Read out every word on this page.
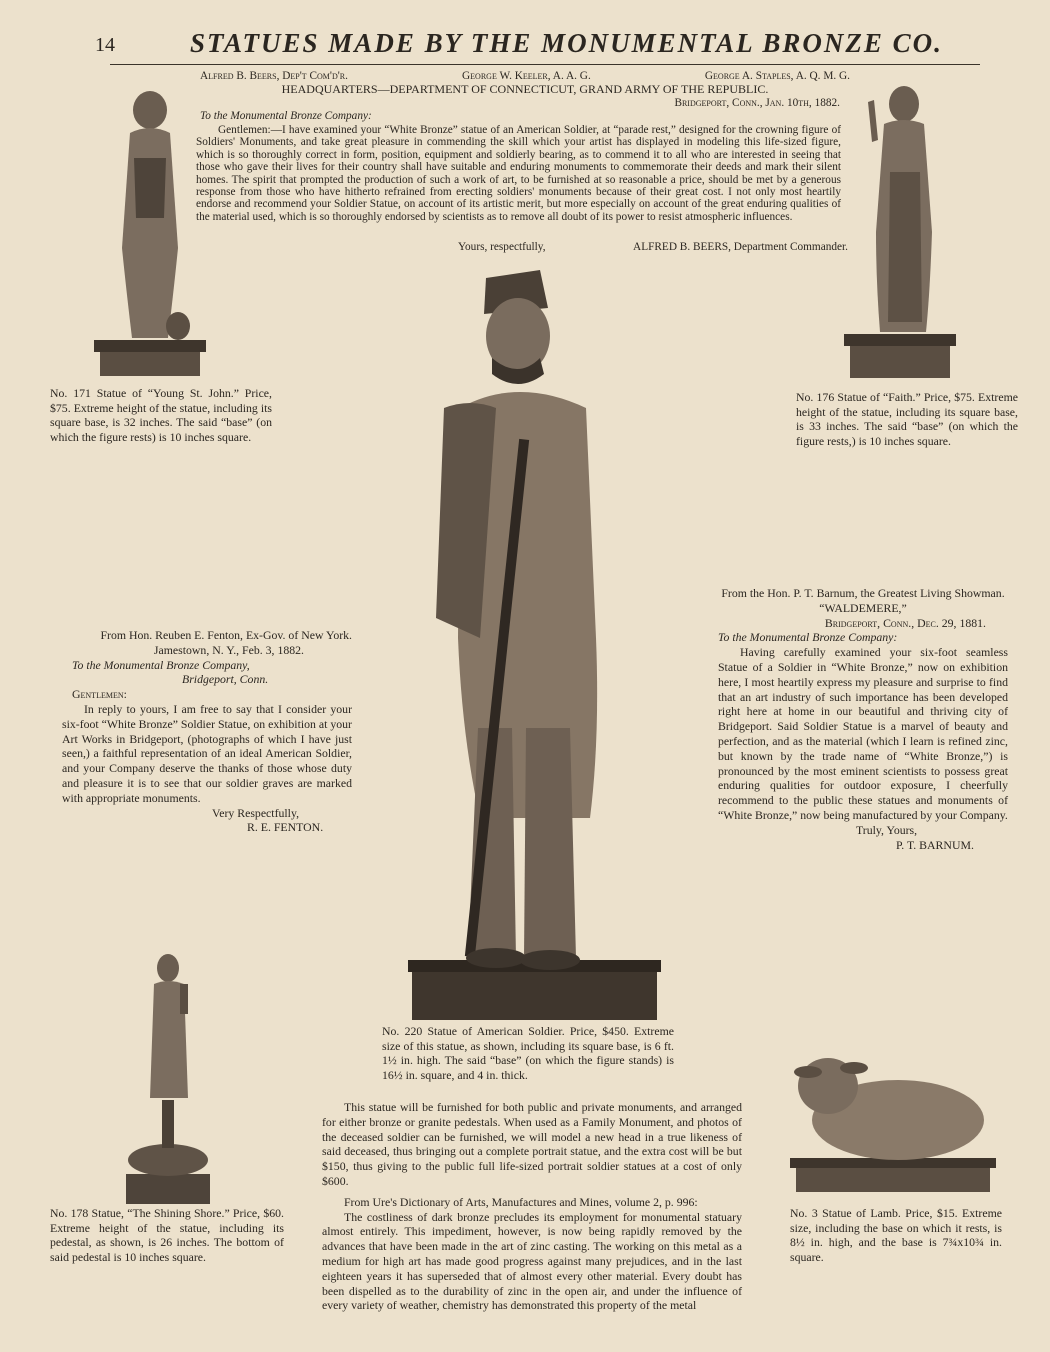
14	STATUES MADE BY THE MONUMENTAL BRONZE CO.
Alfred B. Beers, Dep't Com'd'r.	George W. Keeler, A. A. G.	George A. Staples, A. Q. M. G.
HEADQUARTERS—DEPARTMENT OF CONNECTICUT, GRAND ARMY OF THE REPUBLIC.
Bridgeport, Conn., Jan. 10th, 1882.
To the Monumental Bronze Company:
Gentlemen:—I have examined your “White Bronze” statue of an American Soldier, at “parade rest,” designed for the crowning figure of Soldiers' Monuments, and take great pleasure in commending the skill which your artist has displayed in modeling this life-sized figure, which is so thoroughly correct in form, position, equipment and soldierly bearing, as to commend it to all who are interested in seeing that those who gave their lives for their country shall have suitable and enduring monuments to commemorate their deeds and mark their silent homes. The spirit that prompted the production of such a work of art, to be furnished at so reasonable a price, should be met by a generous response from those who have hitherto refrained from erecting soldiers' monuments because of their great cost. I not only most heartily endorse and recommend your Soldier Statue, on account of its artistic merit, but more especially on account of the great enduring qualities of the material used, which is so thoroughly endorsed by scientists as to remove all doubt of its power to resist atmospheric influences.
Yours, respectfully,	ALFRED B. BEERS, Department Commander.
No. 171 Statue of “Young St. John.” Price, $75. Extreme height of the statue, including its square base, is 32 inches. The said “base” (on which the figure rests) is 10 inches square.
No. 176 Statue of “Faith.” Price, $75. Extreme height of the statue, including its square base, is 33 inches. The said “base” (on which the figure rests,) is 10 inches square.
No. 220 Statue of American Soldier. Price, $450. Extreme size of this statue, as shown, including its square base, is 6 ft. 1½ in. high. The said “base” (on which the figure stands) is 16½ in. square, and 4 in. thick.

From Hon. Reuben E. Fenton, Ex-Gov. of New York.

Jamestown, N. Y., Feb. 3, 1882.

To the Monumental Bronze Company,

Bridgeport, Conn.

Gentlemen:

In reply to yours, I am free to say that I consider your six-foot “White Bronze” Soldier Statue, on exhibition at your Art Works in Bridgeport, (photographs of which I have just seen,) a faithful representation of an ideal American Soldier, and your Company deserve the thanks of those whose duty and pleasure it is to see that our soldier graves are marked with appropriate monuments.

Very Respectfully,

R. E. FENTON.

From the Hon. P. T. Barnum, the Greatest Living Showman.

“WALDEMERE,”

Bridgeport, Conn., Dec. 29, 1881.

To the Monumental Bronze Company:

Having carefully examined your six-foot seamless Statue of a Soldier in “White Bronze,” now on exhibition here, I most heartily express my pleasure and surprise to find that an art industry of such importance has been developed right here at home in our beautiful and thriving city of Bridgeport. Said Soldier Statue is a marvel of beauty and perfection, and as the material (which I learn is refined zinc, but known by the trade name of “White Bronze,”) is pronounced by the most eminent scientists to possess great enduring qualities for outdoor exposure, I cheerfully recommend to the public these statues and monuments of “White Bronze,” now being manufactured by your Company.

Truly, Yours,

P. T. BARNUM.

No. 178 Statue, “The Shining Shore.” Price, $60. Extreme height of the statue, including its pedestal, as shown, is 26 inches. The bottom of said pedestal is 10 inches square.

This statue will be furnished for both public and private monuments, and arranged for either bronze or granite pedestals. When used as a Family Monument, and photos of the deceased soldier can be furnished, we will model a new head in a true likeness of said deceased, thus bringing out a complete portrait statue, and the extra cost will be but $150, thus giving to the public full life-sized portrait soldier statues at a cost of only $600.

From Ure's Dictionary of Arts, Manufactures and Mines, volume 2, p. 996:

The costliness of dark bronze precludes its employment for monumental statuary almost entirely. This impediment, however, is now being rapidly removed by the advances that have been made in the art of zinc casting. The working on this metal as a medium for high art has made good progress against many prejudices, and in the last eighteen years it has superseded that of almost every other material. Every doubt has been dispelled as to the durability of zinc in the open air, and under the influence of every variety of weather, chemistry has demonstrated this property of the metal

No. 3 Statue of Lamb. Price, $15. Extreme size, including the base on which it rests, is 8½ in. high, and the base is 7¾x10¾ in. square.
